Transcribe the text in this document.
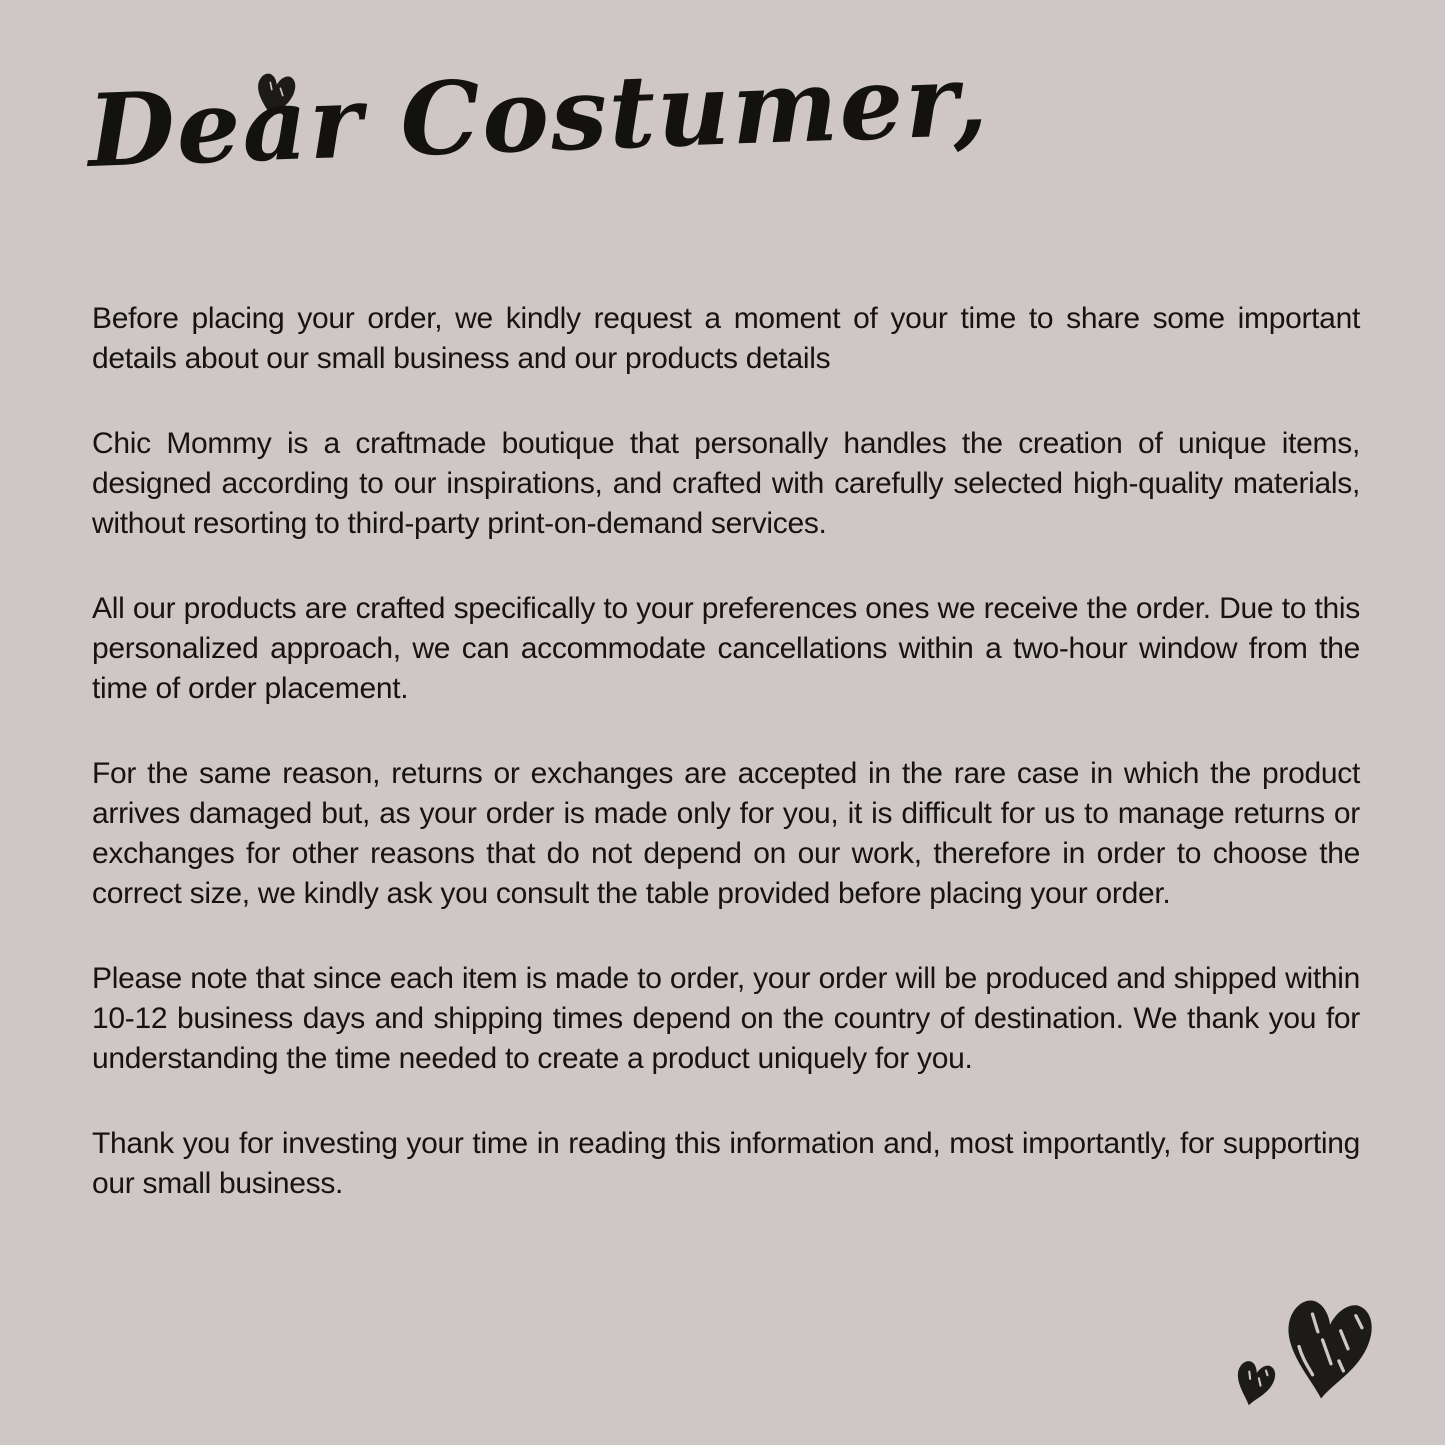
Dear Costumer,

Before placing your order, we kindly request a moment of your time to share some important details about our small business and our products details

Chic Mommy is a craftmade boutique that personally handles the creation of unique items, designed according to our inspirations, and crafted with carefully selected high-quality materials, without resorting to third-party print-on-demand services.

All our products are crafted specifically to your preferences ones we receive the order. Due to this personalized approach, we can accommodate cancellations within a two-hour window from the time of order placement.

For the same reason, returns or exchanges are accepted in the rare case in which the product arrives damaged but, as your order is made only for you, it is difficult for us to manage returns or exchanges for other reasons that do not depend on our work, therefore in order to choose the correct size, we kindly ask you consult the table provided before placing your order.

Please note that since each item is made to order, your order will be produced and shipped within 10-12 business days and shipping times depend on the country of destination. We thank you for understanding the time needed to create a product uniquely for you.

Thank you for investing your time in reading this information and, most importantly, for supporting our small business.
